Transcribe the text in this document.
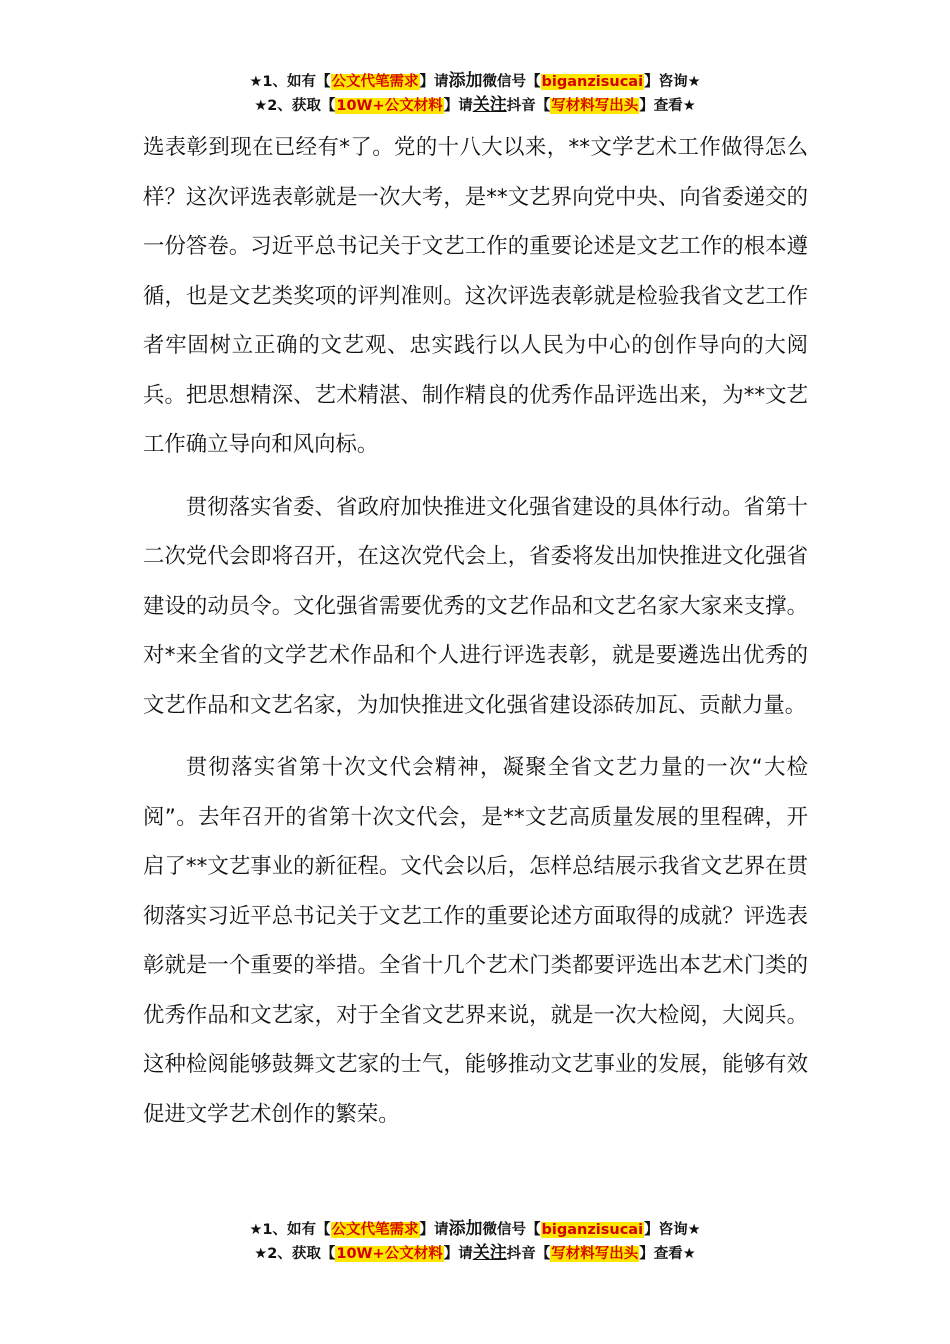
★1、如有【公文代笔需求】请添加微信号【biganzisucai】咨询★
★2、获取【10W+公文材料】请关注抖音【写材料写出头】查看★

选表彰到现在已经有*了。党的十八大以来，**文学艺术工作做得怎么样？这次评选表彰就是一次大考，是**文艺界向党中央、向省委递交的一份答卷。习近平总书记关于文艺工作的重要论述是文艺工作的根本遵循，也是文艺类奖项的评判准则。这次评选表彰就是检验我省文艺工作者牢固树立正确的文艺观、忠实践行以人民为中心的创作导向的大阅兵。把思想精深、艺术精湛、制作精良的优秀作品评选出来，为**文艺工作确立导向和风向标。

贯彻落实省委、省政府加快推进文化强省建设的具体行动。省第十二次党代会即将召开，在这次党代会上，省委将发出加快推进文化强省建设的动员令。文化强省需要优秀的文艺作品和文艺名家大家来支撑。对*来全省的文学艺术作品和个人进行评选表彰，就是要遴选出优秀的文艺作品和文艺名家，为加快推进文化强省建设添砖加瓦、贡献力量。

贯彻落实省第十次文代会精神，凝聚全省文艺力量的一次“大检阅”。去年召开的省第十次文代会，是**文艺高质量发展的里程碑，开启了**文艺事业的新征程。文代会以后，怎样总结展示我省文艺界在贯彻落实习近平总书记关于文艺工作的重要论述方面取得的成就？评选表彰就是一个重要的举措。全省十几个艺术门类都要评选出本艺术门类的优秀作品和文艺家，对于全省文艺界来说，就是一次大检阅，大阅兵。这种检阅能够鼓舞文艺家的士气，能够推动文艺事业的发展，能够有效促进文学艺术创作的繁荣。

★1、如有【公文代笔需求】请添加微信号【biganzisucai】咨询★
★2、获取【10W+公文材料】请关注抖音【写材料写出头】查看★
